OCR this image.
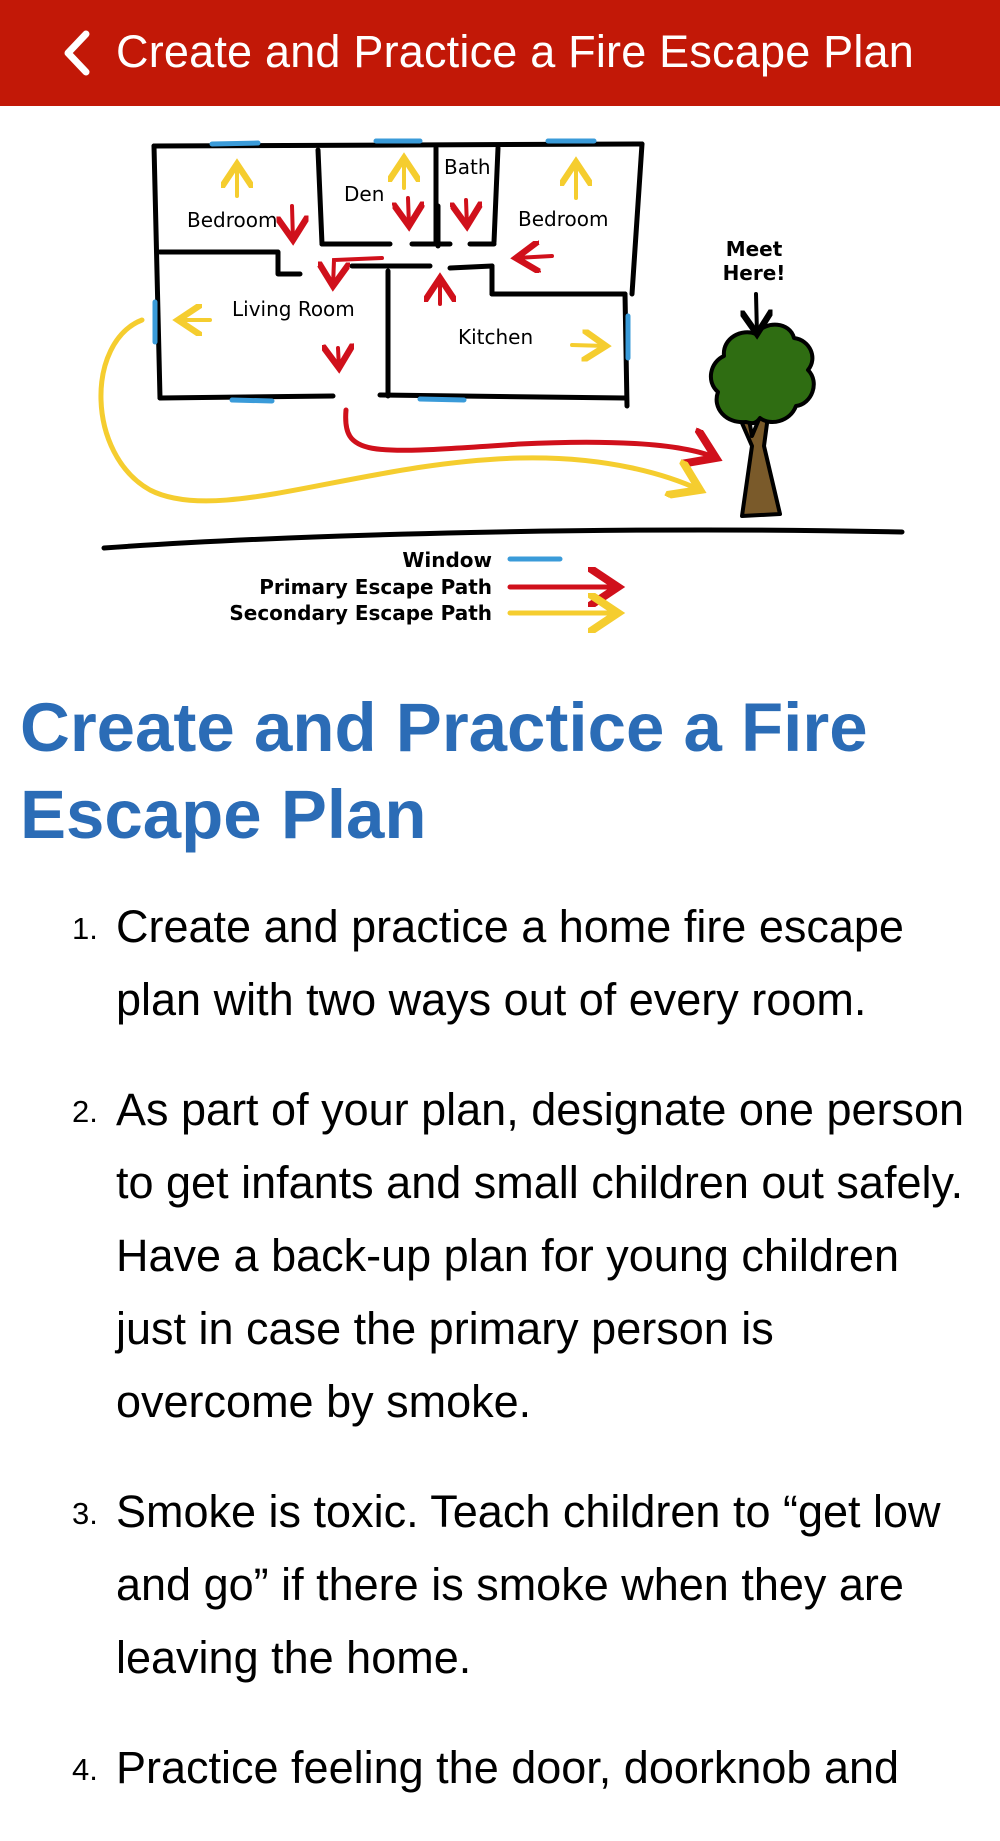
Create and Practice a Fire Escape Plan
Bedroom
Den
Bath
Bedroom
Living Room
Kitchen
Meet
Here!
Window
Primary Escape Path
Secondary Escape Path
Create and Practice a Fire Escape Plan
1. Create and practice a home fire escape plan with two ways out of every room.
2. As part of your plan, designate one person to get infants and small children out safely. Have a back-up plan for young children just in case the primary person is overcome by smoke.
3. Smoke is toxic. Teach children to “get low and go” if there is smoke when they are leaving the home.
4. Practice feeling the door, doorknob and
